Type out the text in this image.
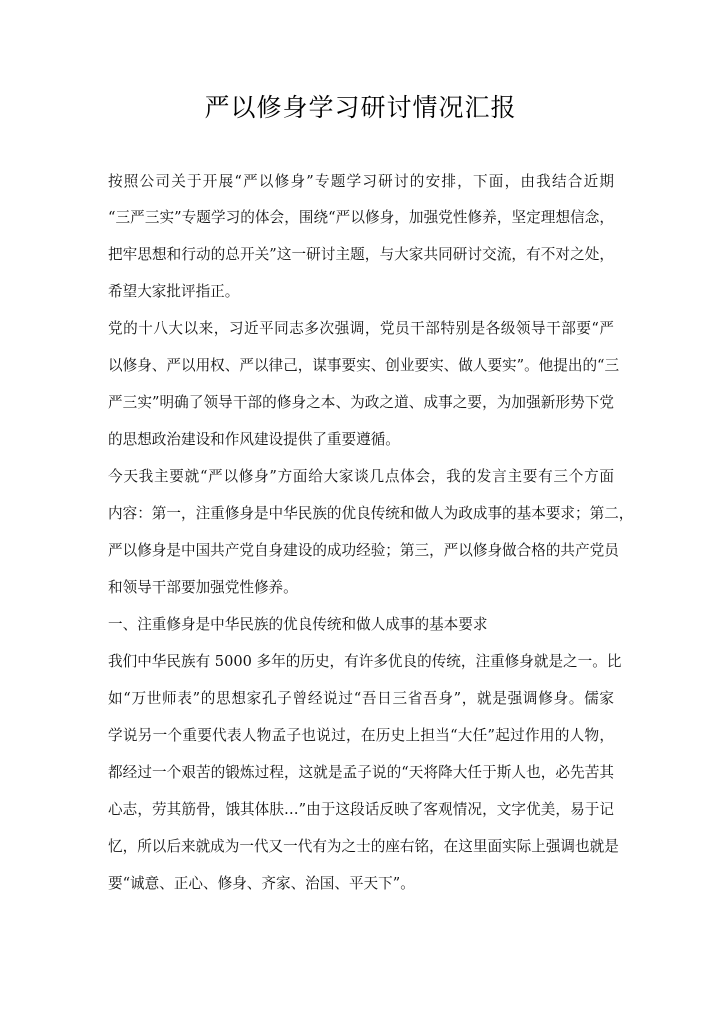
严以修身学习研讨情况汇报
按照公司关于开展“严以修身”专题学习研讨的安排，下面，由我结合近期
“三严三实”专题学习的体会，围绕“严以修身，加强党性修养，坚定理想信念，
把牢思想和行动的总开关”这一研讨主题，与大家共同研讨交流，有不对之处，
希望大家批评指正。
党的十八大以来，习近平同志多次强调，党员干部特别是各级领导干部要“严
以修身、严以用权、严以律己，谋事要实、创业要实、做人要实”。他提出的“三
严三实”明确了领导干部的修身之本、为政之道、成事之要，为加强新形势下党
的思想政治建设和作风建设提供了重要遵循。
今天我主要就“严以修身”方面给大家谈几点体会，我的发言主要有三个方面
内容：第一，注重修身是中华民族的优良传统和做人为政成事的基本要求；第二，
严以修身是中国共产党自身建设的成功经验；第三，严以修身做合格的共产党员
和领导干部要加强党性修养。
一、注重修身是中华民族的优良传统和做人成事的基本要求
我们中华民族有 5000 多年的历史，有许多优良的传统，注重修身就是之一。比
如“万世师表”的思想家孔子曾经说过“吾日三省吾身”，就是强调修身。儒家
学说另一个重要代表人物孟子也说过，在历史上担当“大任”起过作用的人物，
都经过一个艰苦的锻炼过程，这就是孟子说的“天将降大任于斯人也，必先苦其
心志，劳其筋骨，饿其体肤…”由于这段话反映了客观情况，文字优美，易于记
忆，所以后来就成为一代又一代有为之士的座右铭，在这里面实际上强调也就是
要“诚意、正心、修身、齐家、治国、平天下”。
